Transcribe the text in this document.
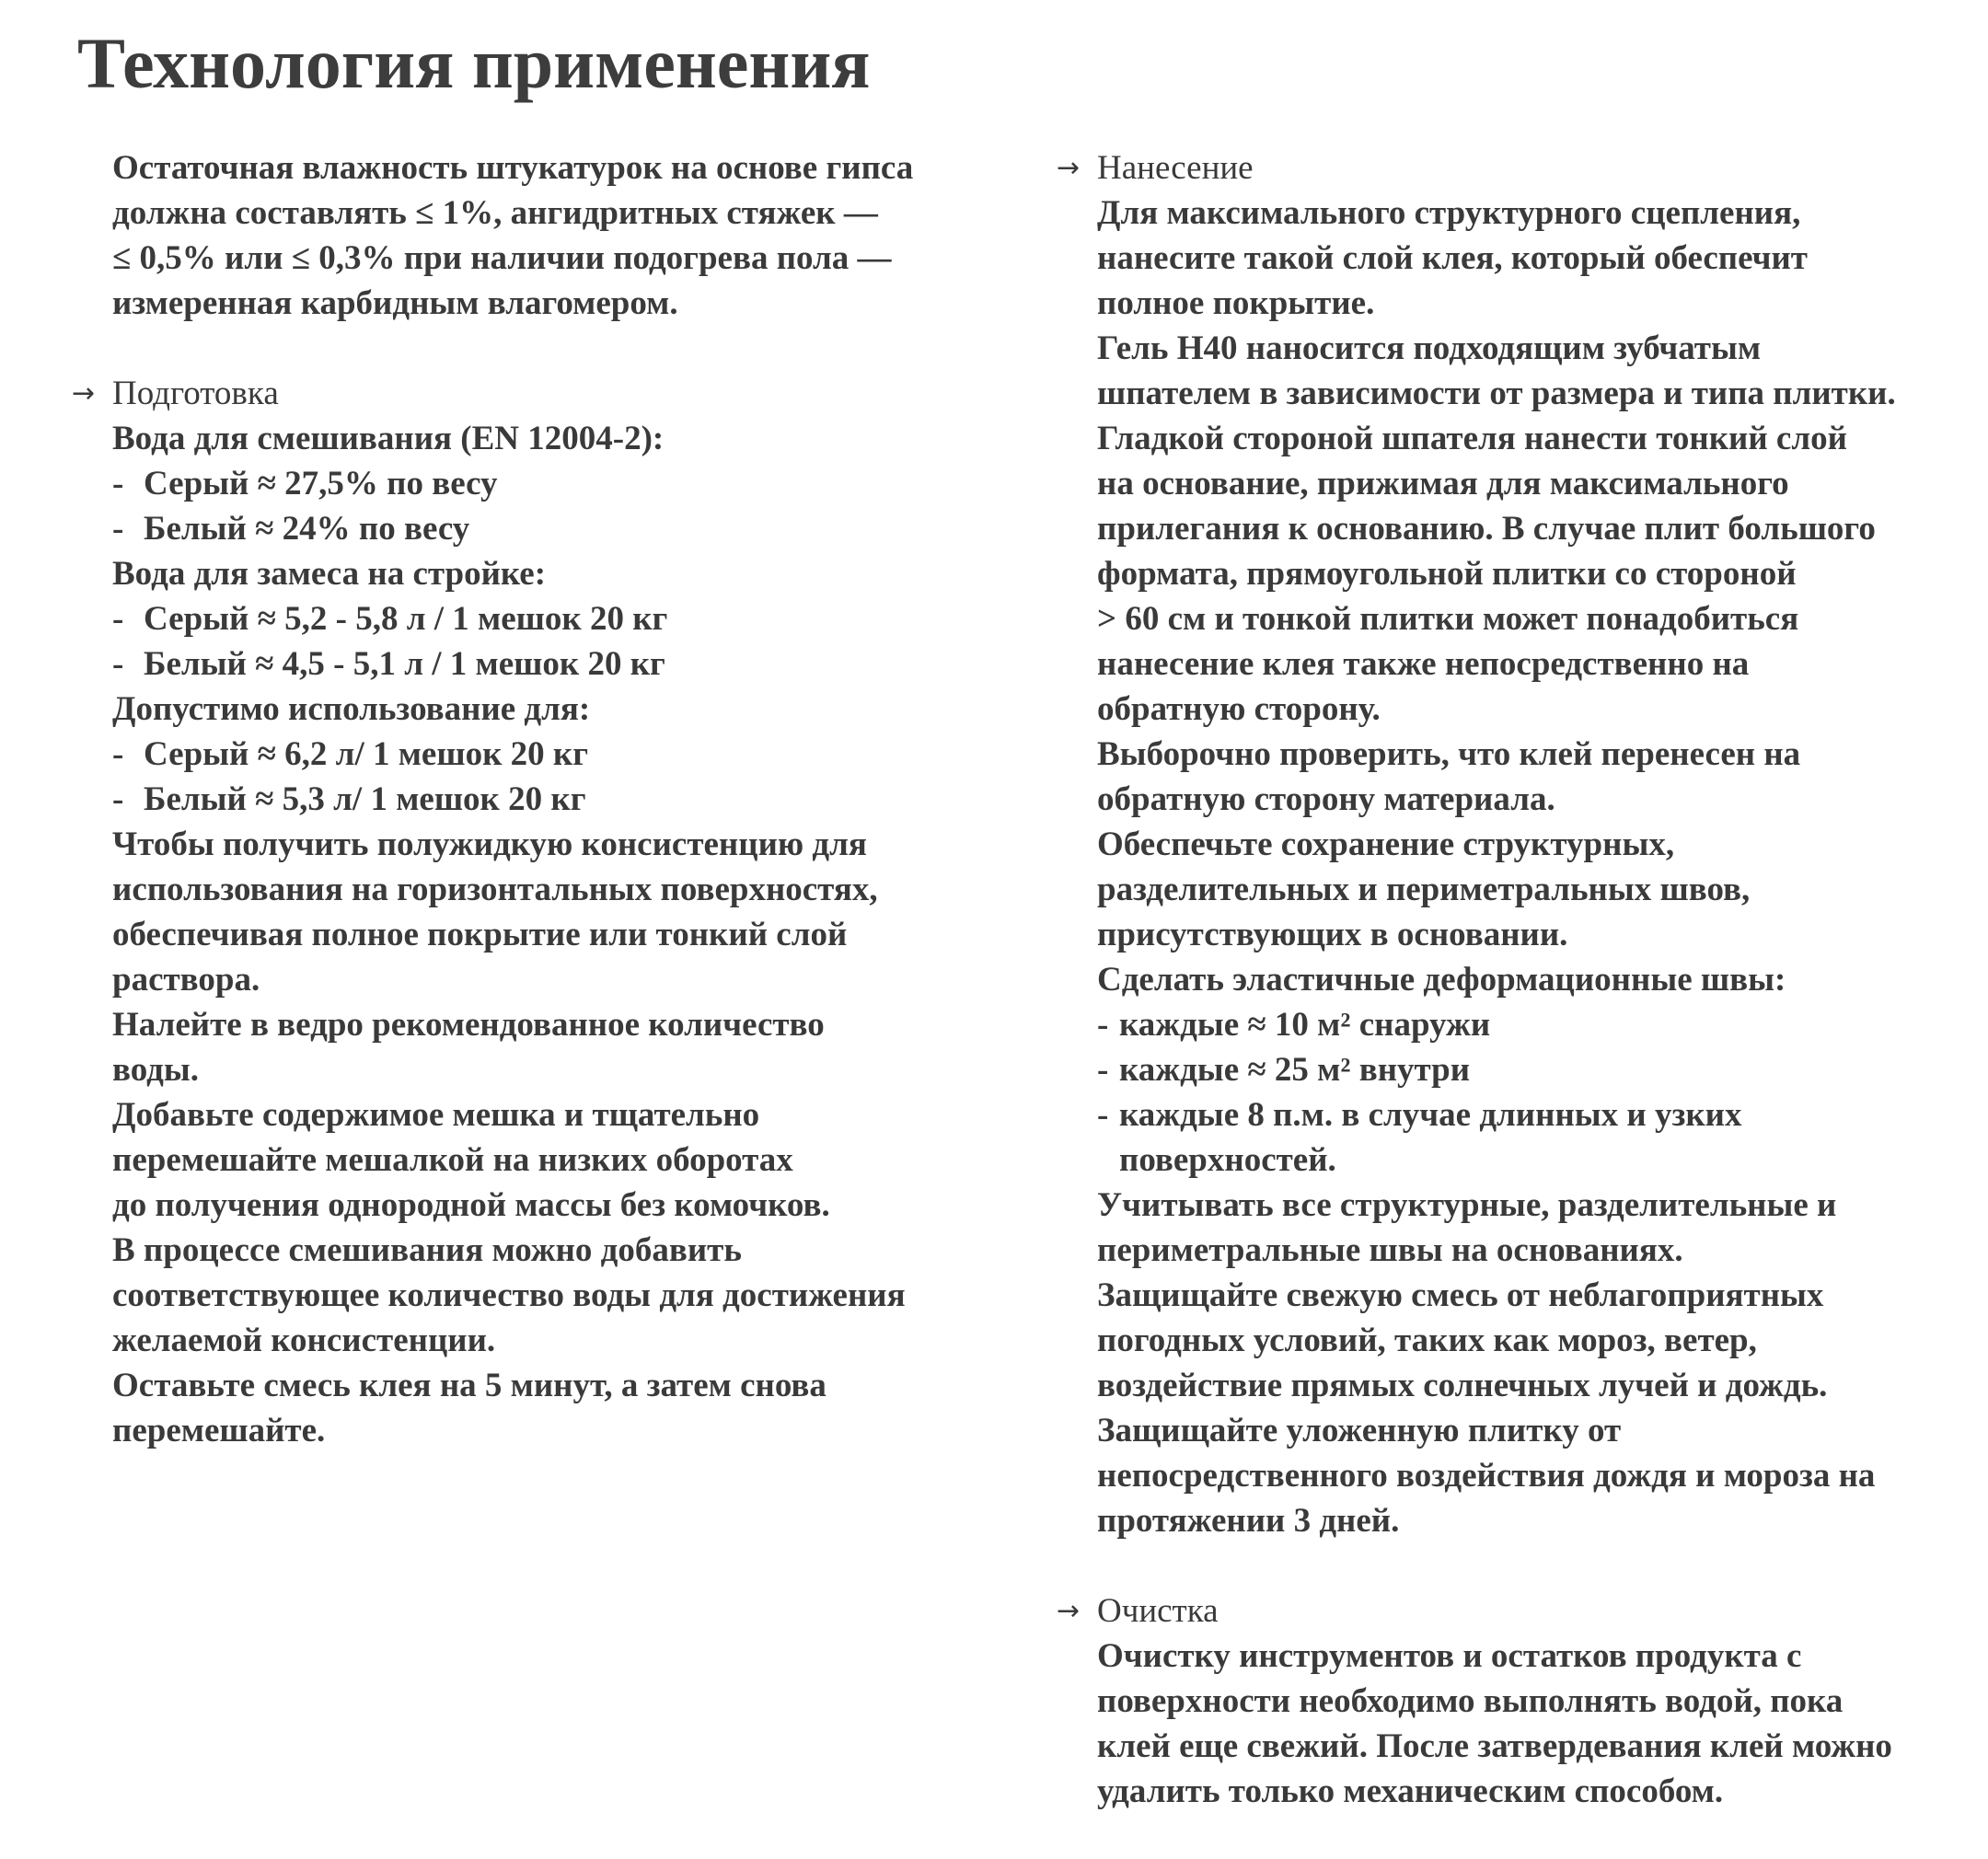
Технология применения
Остаточная влажность штукатурок на основе гипса
должна составлять ≤ 1%, ангидритных стяжек —
≤ 0,5% или ≤ 0,3% при наличии подогрева пола —
измеренная карбидным влагомером.
→ Подготовка
Вода для смешивания (EN 12004-2):
- Серый ≈ 27,5% по весу
- Белый ≈ 24% по весу
Вода для замеса на стройке:
- Серый ≈ 5,2 - 5,8 л / 1 мешок 20 кг
- Белый ≈ 4,5 - 5,1 л / 1 мешок 20 кг
Допустимо использование для:
- Серый ≈ 6,2 л/ 1 мешок 20 кг
- Белый ≈ 5,3 л/ 1 мешок 20 кг
Чтобы получить полужидкую консистенцию для
использования на горизонтальных поверхностях,
обеспечивая полное покрытие или тонкий слой
раствора.
Налейте в ведро рекомендованное количество
воды.
Добавьте содержимое мешка и тщательно
перемешайте мешалкой на низких оборотах
до получения однородной массы без комочков.
В процессе смешивания можно добавить
соответствующее количество воды для достижения
желаемой консистенции.
Оставьте смесь клея на 5 минут, а затем снова
перемешайте.
→ Нанесение
Для максимального структурного сцепления,
нанесите такой слой клея, который обеспечит
полное покрытие.
Гель H40 наносится подходящим зубчатым
шпателем в зависимости от размера и типа плитки.
Гладкой стороной шпателя нанести тонкий слой
на основание, прижимая для максимального
прилегания к основанию. В случае плит большого
формата, прямоугольной плитки со стороной
> 60 см и тонкой плитки может понадобиться
нанесение клея также непосредственно на
обратную сторону.
Выборочно проверить, что клей перенесен на
обратную сторону материала.
Обеспечьте сохранение структурных,
разделительных и периметральных швов,
присутствующих в основании.
Сделать эластичные деформационные швы:
- каждые ≈ 10 м² снаружи
- каждые ≈ 25 м² внутри
- каждые 8 п.м. в случае длинных и узких
поверхностей.
Учитывать все структурные, разделительные и
периметральные швы на основаниях.
Защищайте свежую смесь от неблагоприятных
погодных условий, таких как мороз, ветер,
воздействие прямых солнечных лучей и дождь.
Защищайте уложенную плитку от
непосредственного воздействия дождя и мороза на
протяжении 3 дней.
→ Очистка
Очистку инструментов и остатков продукта с
поверхности необходимо выполнять водой, пока
клей еще свежий. После затвердевания клей можно
удалить только механическим способом.
